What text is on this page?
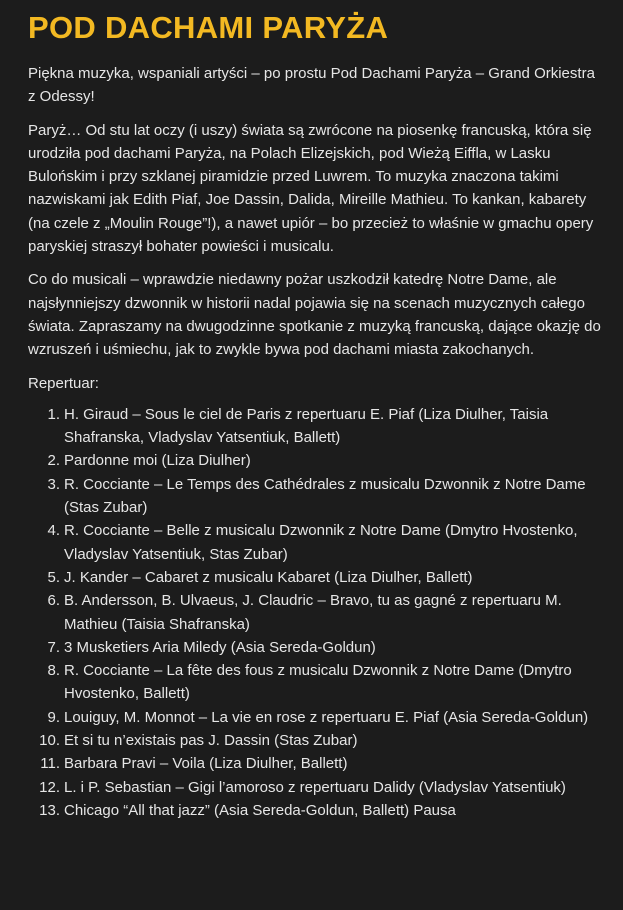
POD DACHAMI PARYŻA

Piękna muzyka, wspaniali artyści – po prostu Pod Dachami Paryża – Grand Orkiestra z Odessy!

Paryż… Od stu lat oczy (i uszy) świata są zwrócone na piosenkę francuską, która się urodziła pod dachami Paryża, na Polach Elizejskich, pod Wieżą Eiffla, w Lasku Bulońskim i przy szklanej piramidzie przed Luwrem. To muzyka znaczona takimi nazwiskami jak Edith Piaf, Joe Dassin, Dalida, Mireille Mathieu. To kankan, kabarety (na czele z „Moulin Rouge”!), a nawet upiór – bo przecież to właśnie w gmachu opery paryskiej straszył bohater powieści i musicalu.

Co do musicali – wprawdzie niedawny pożar uszkodził katedrę Notre Dame, ale najsłynniejszy dzwonnik w historii nadal pojawia się na scenach muzycznych całego świata. Zapraszamy na dwugodzinne spotkanie z muzyką francuską, dające okazję do wzruszeń i uśmiechu, jak to zwykle bywa pod dachami miasta zakochanych.

Repertuar:

1. H. Giraud – Sous le ciel de Paris z repertuaru E. Piaf (Liza Diulher, Taisia Shafranska, Vladyslav Yatsentiuk, Ballett)
2. Pardonne moi (Liza Diulher)
3. R. Cocciante – Le Temps des Cathédrales z musicalu Dzwonnik z Notre Dame (Stas Zubar)
4. R. Cocciante – Belle z musicalu Dzwonnik z Notre Dame (Dmytro Hvostenko, Vladyslav Yatsentiuk, Stas Zubar)
5. J. Kander – Cabaret z musicalu Kabaret (Liza Diulher, Ballett)
6. B. Andersson, B. Ulvaeus, J. Claudric – Bravo, tu as gagné z repertuaru M. Mathieu (Taisia Shafranska)
7. 3 Musketiers Aria Miledy (Asia Sereda-Goldun)
8. R. Cocciante – La fête des fous z musicalu Dzwonnik z Notre Dame (Dmytro Hvostenko, Ballett)
9. Louiguy, M. Monnot – La vie en rose z repertuaru E. Piaf (Asia Sereda-Goldun)
10. Et si tu n’existais pas J. Dassin (Stas Zubar)
11. Barbara Pravi – Voila (Liza Diulher, Ballett)
12. L. i P. Sebastian – Gigi l’amoroso z repertuaru Dalidy (Vladyslav Yatsentiuk)
13. Chicago “All that jazz” (Asia Sereda-Goldun, Ballett) Pausa
